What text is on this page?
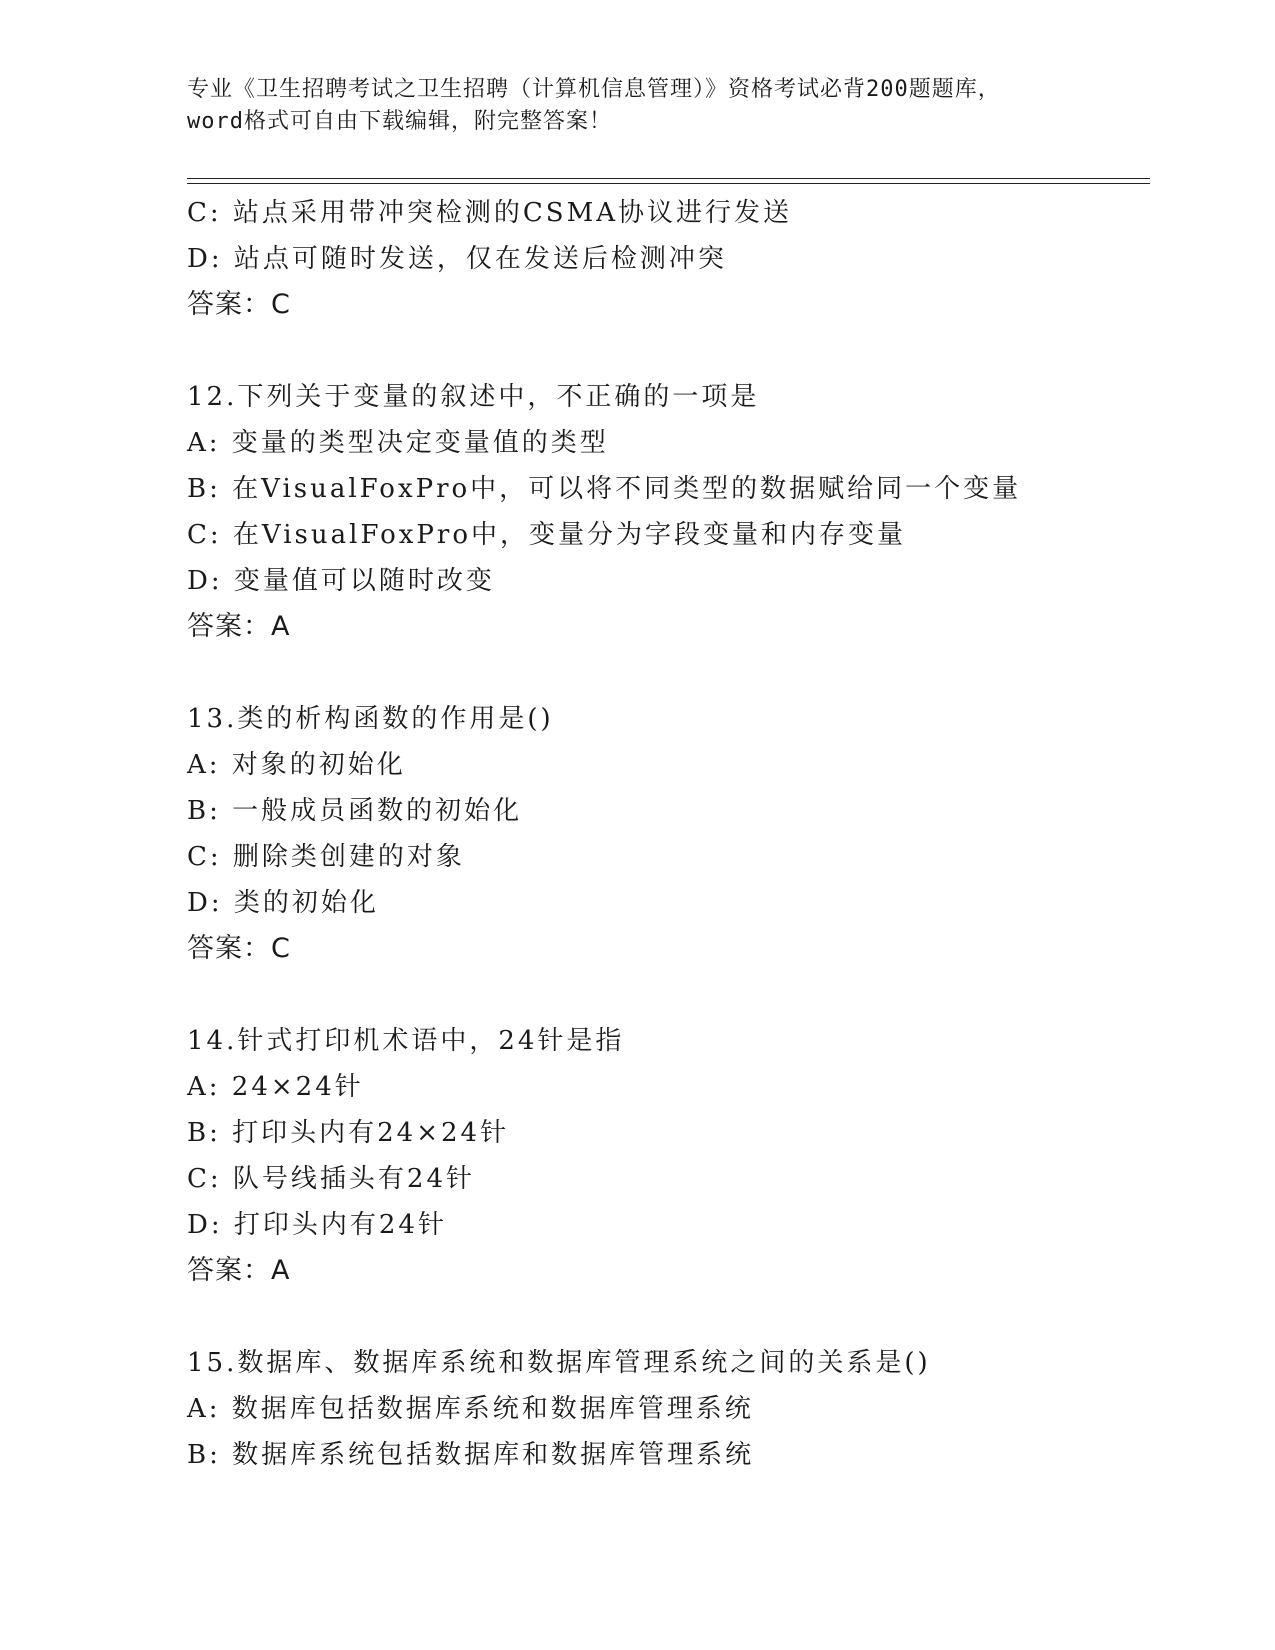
专业《卫生招聘考试之卫生招聘（计算机信息管理）》资格考试必背200题题库，
word格式可自由下载编辑，附完整答案！
C: 站点采用带冲突检测的CSMA协议进行发送
D: 站点可随时发送，仅在发送后检测冲突
答案：C
12.下列关于变量的叙述中，不正确的一项是
A: 变量的类型决定变量值的类型
B: 在VisualFoxPro中，可以将不同类型的数据赋给同一个变量
C: 在VisualFoxPro中，变量分为字段变量和内存变量
D: 变量值可以随时改变
答案：A
13.类的析构函数的作用是()
A: 对象的初始化
B: 一般成员函数的初始化
C: 删除类创建的对象
D: 类的初始化
答案：C
14.针式打印机术语中，24针是指
A: 24×24针
B: 打印头内有24×24针
C: 队号线插头有24针
D: 打印头内有24针
答案：A
15.数据库、数据库系统和数据库管理系统之间的关系是()
A: 数据库包括数据库系统和数据库管理系统
B: 数据库系统包括数据库和数据库管理系统
